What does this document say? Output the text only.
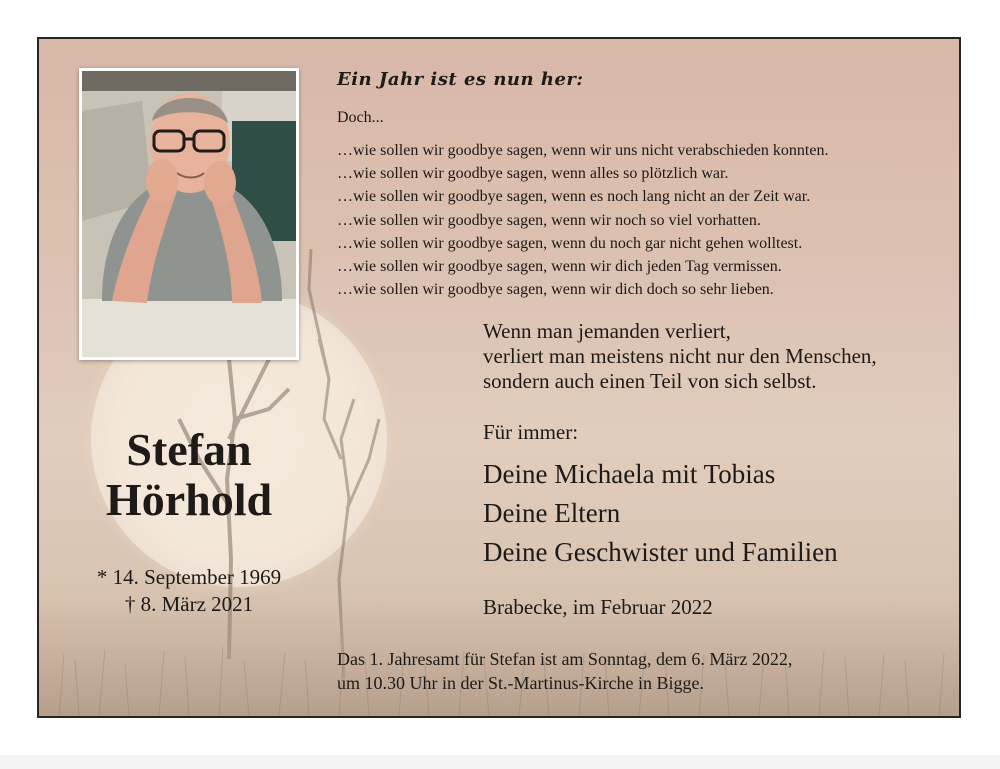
Stefan
Hörhold
* 14. September 1969
† 8. März 2021
Ein Jahr ist es nun her:
Doch...
…wie sollen wir goodbye sagen, wenn wir uns nicht verabschieden konnten.
…wie sollen wir goodbye sagen, wenn alles so plötzlich war.
…wie sollen wir goodbye sagen, wenn es noch lang nicht an der Zeit war.
…wie sollen wir goodbye sagen, wenn wir noch so viel vorhatten.
…wie sollen wir goodbye sagen, wenn du noch gar nicht gehen wolltest.
…wie sollen wir goodbye sagen, wenn wir dich jeden Tag vermissen.
…wie sollen wir goodbye sagen, wenn wir dich doch so sehr lieben.
Wenn man jemanden verliert,
verliert man meistens nicht nur den Menschen,
sondern auch einen Teil von sich selbst.
Für immer:
Deine Michaela mit Tobias
Deine Eltern
Deine Geschwister und Familien
Brabecke, im Februar 2022
Das 1. Jahresamt für Stefan ist am Sonntag, dem 6. März 2022,
um 10.30 Uhr in der St.-Martinus-Kirche in Bigge.
